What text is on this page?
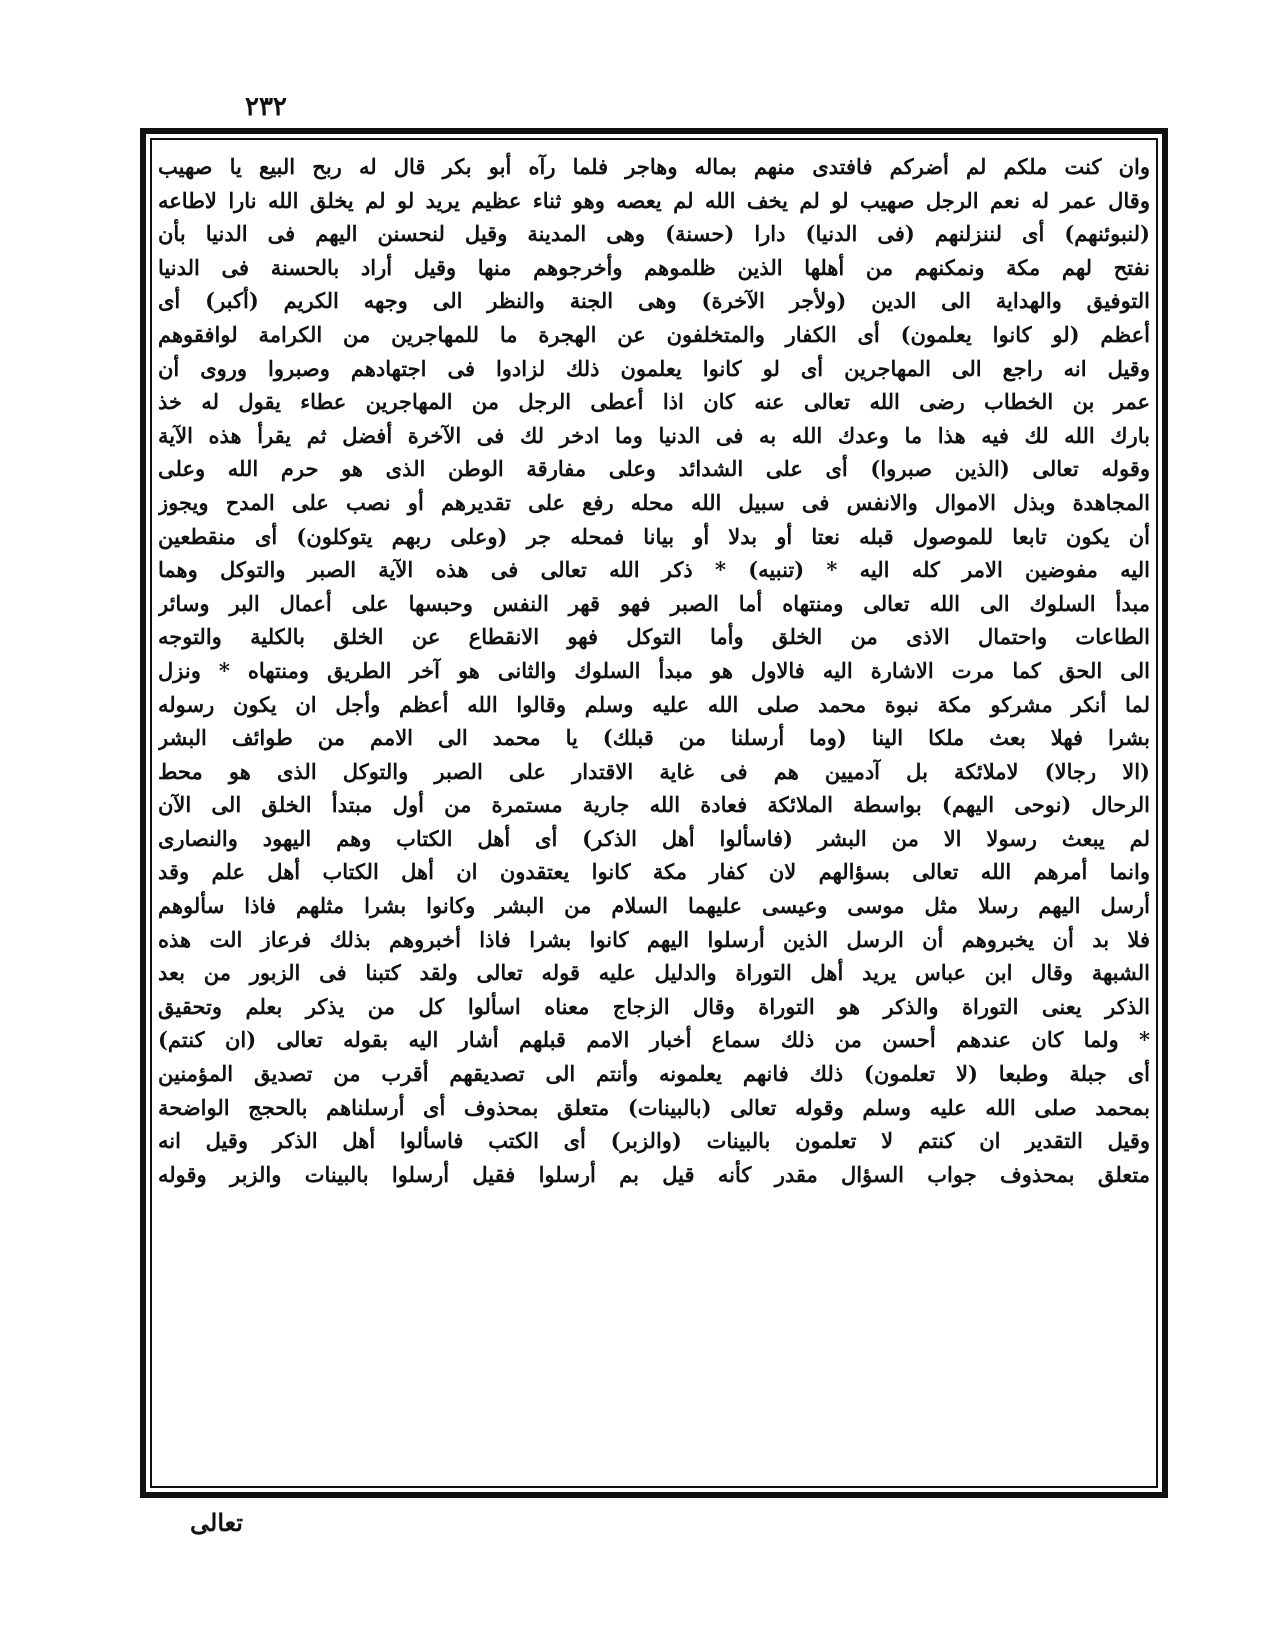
٢٣٢
وان كنت ملكم لم أضركم فافتدى منهم بماله وهاجر فلما رآه أبو بكر قال له ربح البيع يا صهيب
وقال عمر له نعم الرجل صهيب لو لم يخف الله لم يعصه وهو ثناء عظيم يريد لو لم يخلق الله نارا لاطاعه
(لنبوئنهم) أى لننزلنهم (فى الدنيا) دارا (حسنة) وهى المدينة وقيل لنحسنن اليهم فى الدنيا بأن
نفتح لهم مكة ونمكنهم من أهلها الذين ظلموهم وأخرجوهم منها وقيل أراد بالحسنة فى الدنيا
التوفيق والهداية الى الدين (ولأجر الآخرة) وهى الجنة والنظر الى وجهه الكريم (أكبر) أى
أعظم (لو كانوا يعلمون) أى الكفار والمتخلفون عن الهجرة ما للمهاجرين من الكرامة لوافقوهم
وقيل انه راجع الى المهاجرين أى لو كانوا يعلمون ذلك لزادوا فى اجتهادهم وصبروا وروى أن
عمر بن الخطاب رضى الله تعالى عنه كان اذا أعطى الرجل من المهاجرين عطاء يقول له خذ
بارك الله لك فيه هذا ما وعدك الله به فى الدنيا وما ادخر لك فى الآخرة أفضل ثم يقرأ هذه الآية
وقوله تعالى (الذين صبروا) أى على الشدائد وعلى مفارقة الوطن الذى هو حرم الله وعلى
المجاهدة وبذل الاموال والانفس فى سبيل الله محله رفع على تقديرهم أو نصب على المدح ويجوز
أن يكون تابعا للموصول قبله نعتا أو بدلا أو بيانا فمحله جر (وعلى ربهم يتوكلون) أى منقطعين
اليه مفوضين الامر كله اليه * (تنبيه) * ذكر الله تعالى فى هذه الآية الصبر والتوكل وهما
مبدأ السلوك الى الله تعالى ومنتهاه أما الصبر فهو قهر النفس وحبسها على أعمال البر وسائر
الطاعات واحتمال الاذى من الخلق وأما التوكل فهو الانقطاع عن الخلق بالكلية والتوجه
الى الحق كما مرت الاشارة اليه فالاول هو مبدأ السلوك والثانى هو آخر الطريق ومنتهاه * ونزل
لما أنكر مشركو مكة نبوة محمد صلى الله عليه وسلم وقالوا الله أعظم وأجل ان يكون رسوله
بشرا فهلا بعث ملكا الينا (وما أرسلنا من قبلك) يا محمد الى الامم من طوائف البشر
(الا رجالا) لاملائكة بل آدميين هم فى غاية الاقتدار على الصبر والتوكل الذى هو محط
الرحال (نوحى اليهم) بواسطة الملائكة فعادة الله جارية مستمرة من أول مبتدأ الخلق الى الآن
لم يبعث رسولا الا من البشر (فاسألوا أهل الذكر) أى أهل الكتاب وهم اليهود والنصارى
وانما أمرهم الله تعالى بسؤالهم لان كفار مكة كانوا يعتقدون ان أهل الكتاب أهل علم وقد
أرسل اليهم رسلا مثل موسى وعيسى عليهما السلام من البشر وكانوا بشرا مثلهم فاذا سألوهم
فلا بد أن يخبروهم أن الرسل الذين أرسلوا اليهم كانوا بشرا فاذا أخبروهم بذلك فرعاز الت هذه
الشبهة وقال ابن عباس يريد أهل التوراة والدليل عليه قوله تعالى ولقد كتبنا فى الزبور من بعد
الذكر يعنى التوراة والذكر هو التوراة وقال الزجاج معناه اسألوا كل من يذكر بعلم وتحقيق
* ولما كان عندهم أحسن من ذلك سماع أخبار الامم قبلهم أشار اليه بقوله تعالى (ان كنتم)
أى جبلة وطبعا (لا تعلمون) ذلك فانهم يعلمونه وأنتم الى تصديقهم أقرب من تصديق المؤمنين
بمحمد صلى الله عليه وسلم وقوله تعالى (بالبينات) متعلق بمحذوف أى أرسلناهم بالحجج الواضحة
وقيل التقدير ان كنتم لا تعلمون بالبينات (والزبر) أى الكتب فاسألوا أهل الذكر وقيل انه
متعلق بمحذوف جواب السؤال مقدر كأنه قيل بم أرسلوا فقيل أرسلوا بالبينات والزبر وقوله
تعالى
